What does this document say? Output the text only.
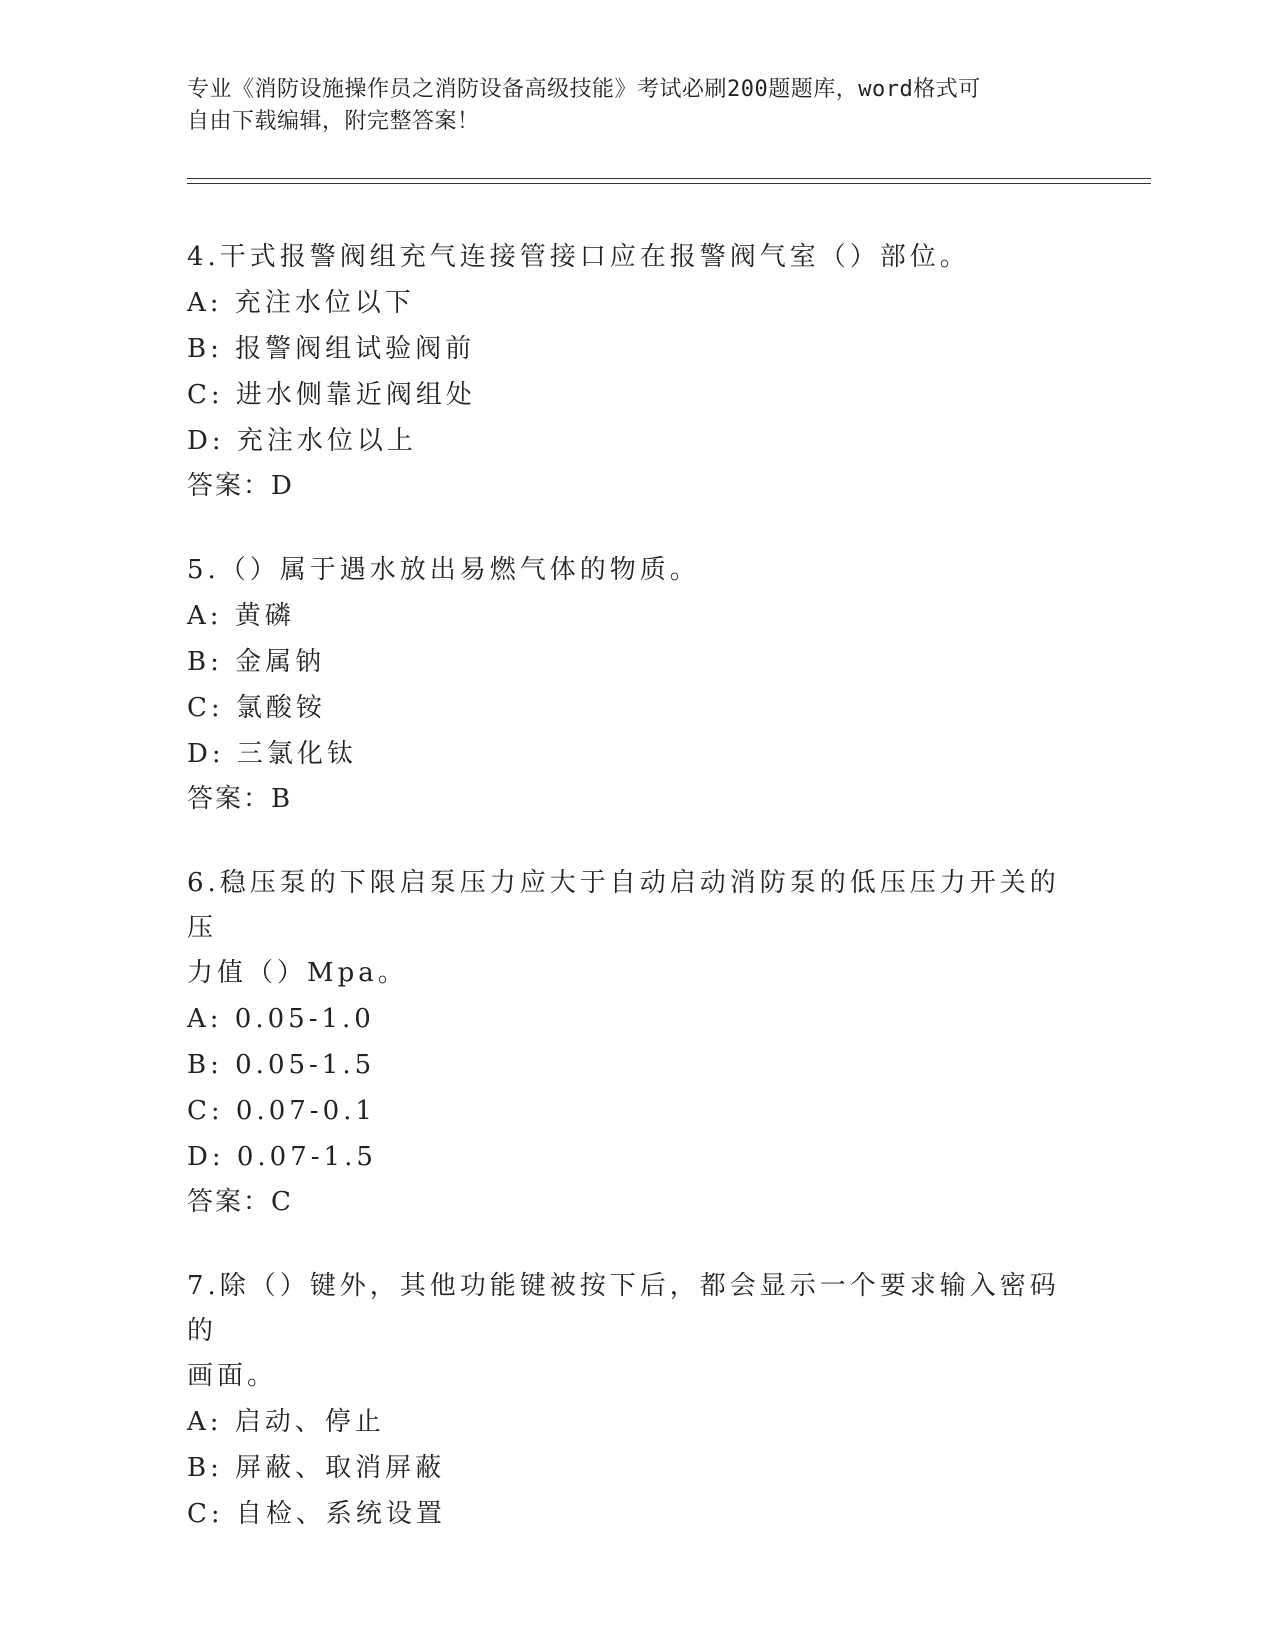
专业《消防设施操作员之消防设备高级技能》考试必刷200题题库，word格式可
自由下载编辑，附完整答案！
4.干式报警阀组充气连接管接口应在报警阀气室（）部位。
A: 充注水位以下
B: 报警阀组试验阀前
C: 进水侧靠近阀组处
D: 充注水位以上
答案：D
5.（）属于遇水放出易燃气体的物质。
A: 黄磷
B: 金属钠
C: 氯酸铵
D: 三氯化钛
答案：B
6.稳压泵的下限启泵压力应大于自动启动消防泵的低压压力开关的压
力值（）Mpa。
A: 0.05-1.0
B: 0.05-1.5
C: 0.07-0.1
D: 0.07-1.5
答案：C
7.除（）键外，其他功能键被按下后，都会显示一个要求输入密码的
画面。
A: 启动、停止
B: 屏蔽、取消屏蔽
C: 自检、系统设置
